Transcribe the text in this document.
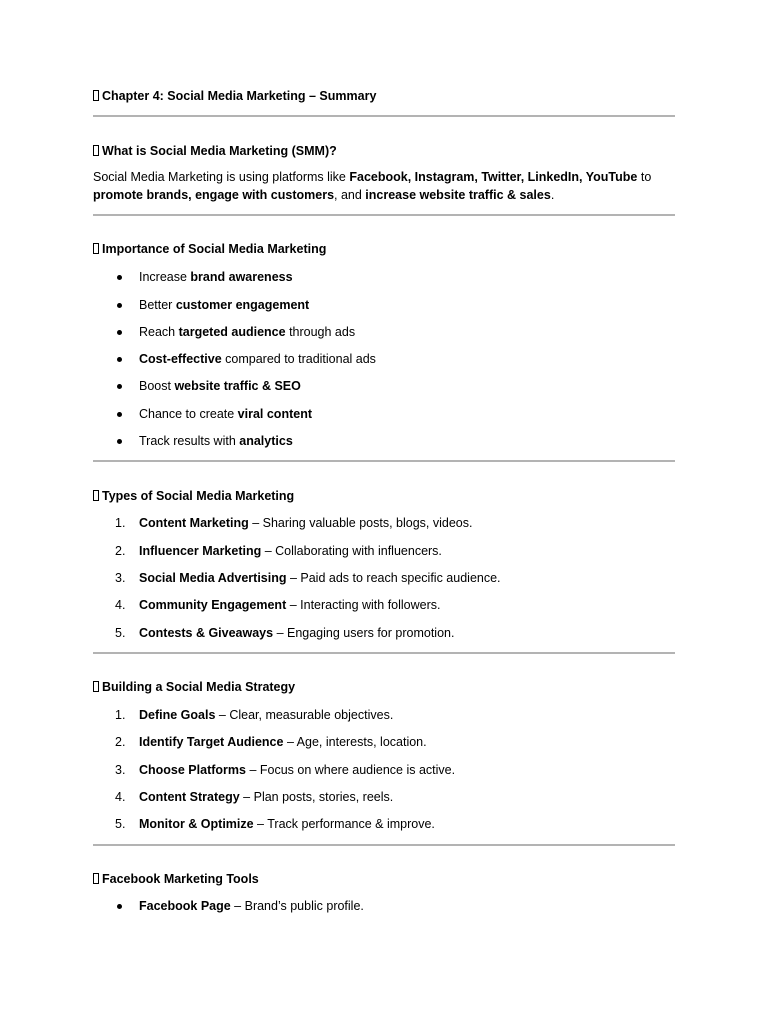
Chapter 4: Social Media Marketing – Summary
What is Social Media Marketing (SMM)?
Social Media Marketing is using platforms like Facebook, Instagram, Twitter, LinkedIn, YouTube to
promote brands, engage with customers, and increase website traffic & sales.
Importance of Social Media Marketing
Increase brand awareness
Better customer engagement
Reach targeted audience through ads
Cost-effective compared to traditional ads
Boost website traffic & SEO
Chance to create viral content
Track results with analytics
Types of Social Media Marketing
1. Content Marketing – Sharing valuable posts, blogs, videos.
2. Influencer Marketing – Collaborating with influencers.
3. Social Media Advertising – Paid ads to reach specific audience.
4. Community Engagement – Interacting with followers.
5. Contests & Giveaways – Engaging users for promotion.
Building a Social Media Strategy
1. Define Goals – Clear, measurable objectives.
2. Identify Target Audience – Age, interests, location.
3. Choose Platforms – Focus on where audience is active.
4. Content Strategy – Plan posts, stories, reels.
5. Monitor & Optimize – Track performance & improve.
Facebook Marketing Tools
Facebook Page – Brand’s public profile.
